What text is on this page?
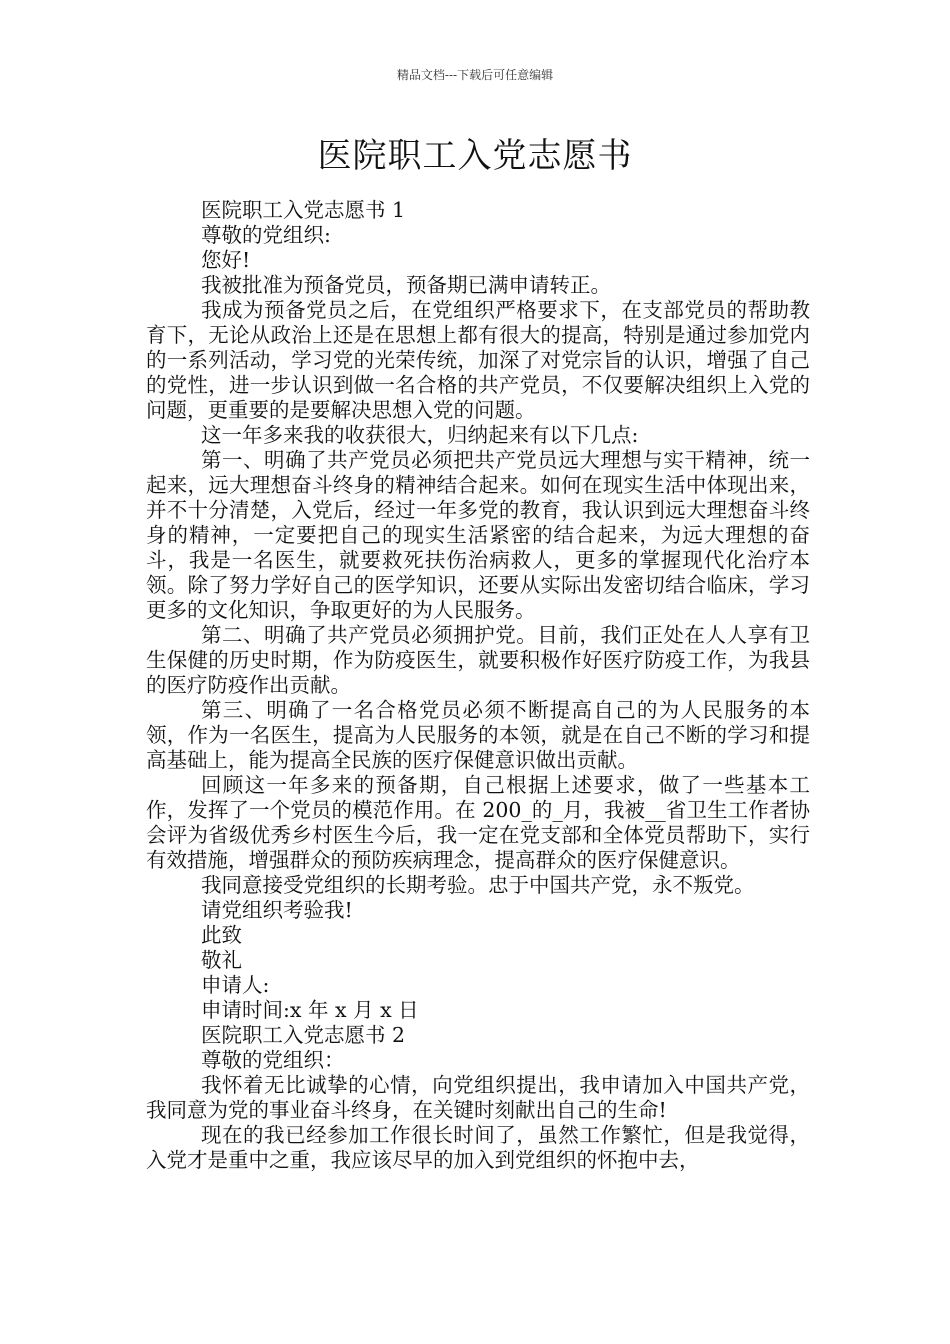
精品文档---下载后可任意编辑
医院职工入党志愿书

医院职工入党志愿书 1

尊敬的党组织:

您好!

我被批准为预备党员，预备期已满申请转正。

我成为预备党员之后，在党组织严格要求下，在支部党员的帮助教育下，无论从政治上还是在思想上都有很大的提高，特别是通过参加党内的一系列活动，学习党的光荣传统，加深了对党宗旨的认识，增强了自己的党性，进一步认识到做一名合格的共产党员，不仅要解决组织上入党的问题，更重要的是要解决思想入党的问题。

这一年多来我的收获很大，归纳起来有以下几点:

第一、明确了共产党员必须把共产党员远大理想与实干精神，统一起来，远大理想奋斗终身的精神结合起来。如何在现实生活中体现出来，并不十分清楚，入党后，经过一年多党的教育，我认识到远大理想奋斗终身的精神，一定要把自己的现实生活紧密的结合起来，为远大理想的奋斗，我是一名医生，就要救死扶伤治病救人，更多的掌握现代化治疗本领。除了努力学好自己的医学知识，还要从实际出发密切结合临床，学习更多的文化知识，争取更好的为人民服务。

第二、明确了共产党员必须拥护党。目前，我们正处在人人享有卫生保健的历史时期，作为防疫医生，就要积极作好医疗防疫工作，为我县的医疗防疫作出贡献。

第三、明确了一名合格党员必须不断提高自己的为人民服务的本领，作为一名医生，提高为人民服务的本领，就是在自己不断的学习和提高基础上，能为提高全民族的医疗保健意识做出贡献。

回顾这一年多来的预备期，自己根据上述要求，做了一些基本工作，发挥了一个党员的模范作用。在 200_的_月，我被__省卫生工作者协会评为省级优秀乡村医生今后，我一定在党支部和全体党员帮助下，实行有效措施，增强群众的预防疾病理念，提高群众的医疗保健意识。

我同意接受党组织的长期考验。忠于中国共产党，永不叛党。

请党组织考验我!

此致

敬礼

申请人:

申请时间:x 年 x 月 x 日

医院职工入党志愿书 2

尊敬的党组织：

我怀着无比诚挚的心情，向党组织提出，我申请加入中国共产党，我同意为党的事业奋斗终身，在关键时刻献出自己的生命!

现在的我已经参加工作很长时间了，虽然工作繁忙，但是我觉得，入党才是重中之重，我应该尽早的加入到党组织的怀抱中去，
